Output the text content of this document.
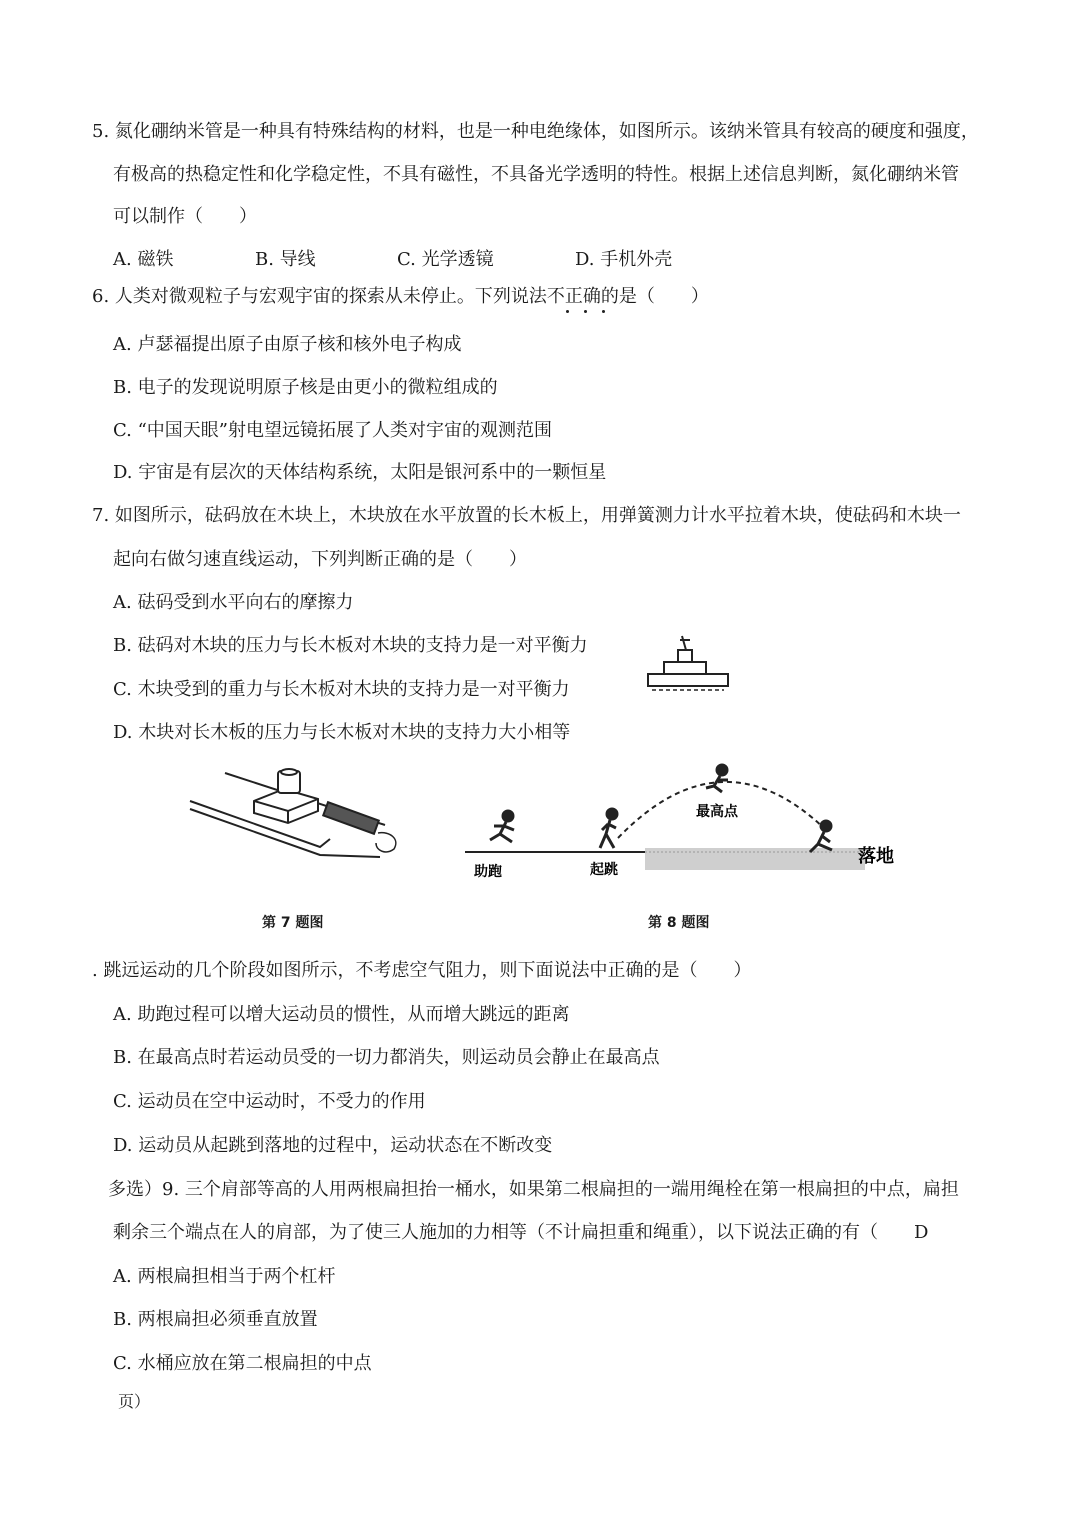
5. 氮化硼纳米管是一种具有特殊结构的材料，也是一种电绝缘体，如图所示。该纳米管具有较高的硬度和强度，
有极高的热稳定性和化学稳定性，不具有磁性，不具备光学透明的特性。根据上述信息判断，氮化硼纳米管
可以制作（　　）
A. 磁铁	B. 导线	C. 光学透镜	D. 手机外壳
6. 人类对微观粒子与宏观宇宙的探索从未停止。下列说法不正确的是（　　）
A. 卢瑟福提出原子由原子核和核外电子构成
B. 电子的发现说明原子核是由更小的微粒组成的
C. “中国天眼”射电望远镜拓展了人类对宇宙的观测范围
D. 宇宙是有层次的天体结构系统，太阳是银河系中的一颗恒星
7. 如图所示，砝码放在木块上，木块放在水平放置的长木板上，用弹簧测力计水平拉着木块，使砝码和木块一
起向右做匀速直线运动，下列判断正确的是（　　）
A. 砝码受到水平向右的摩擦力
B. 砝码对木块的压力与长木板对木块的支持力是一对平衡力
C. 木块受到的重力与长木板对木块的支持力是一对平衡力
D. 木块对长木板的压力与长木板对木块的支持力大小相等
第 7 题图
助跑	起跳
最高点
落地
第 8 题图
. 跳远运动的几个阶段如图所示，不考虑空气阻力，则下面说法中正确的是（　　）
A. 助跑过程可以增大运动员的惯性，从而增大跳远的距离
B. 在最高点时若运动员受的一切力都消失，则运动员会静止在最高点
C. 运动员在空中运动时，不受力的作用
D. 运动员从起跳到落地的过程中，运动状态在不断改变
多选）9. 三个肩部等高的人用两根扁担抬一桶水，如果第二根扁担的一端用绳栓在第一根扁担的中点，扁担
剩余三个端点在人的肩部，为了使三人施加的力相等（不计扁担重和绳重），以下说法正确的有（　　D
A. 两根扁担相当于两个杠杆
B. 两根扁担必须垂直放置
C. 水桶应放在第二根扁担的中点
页）
